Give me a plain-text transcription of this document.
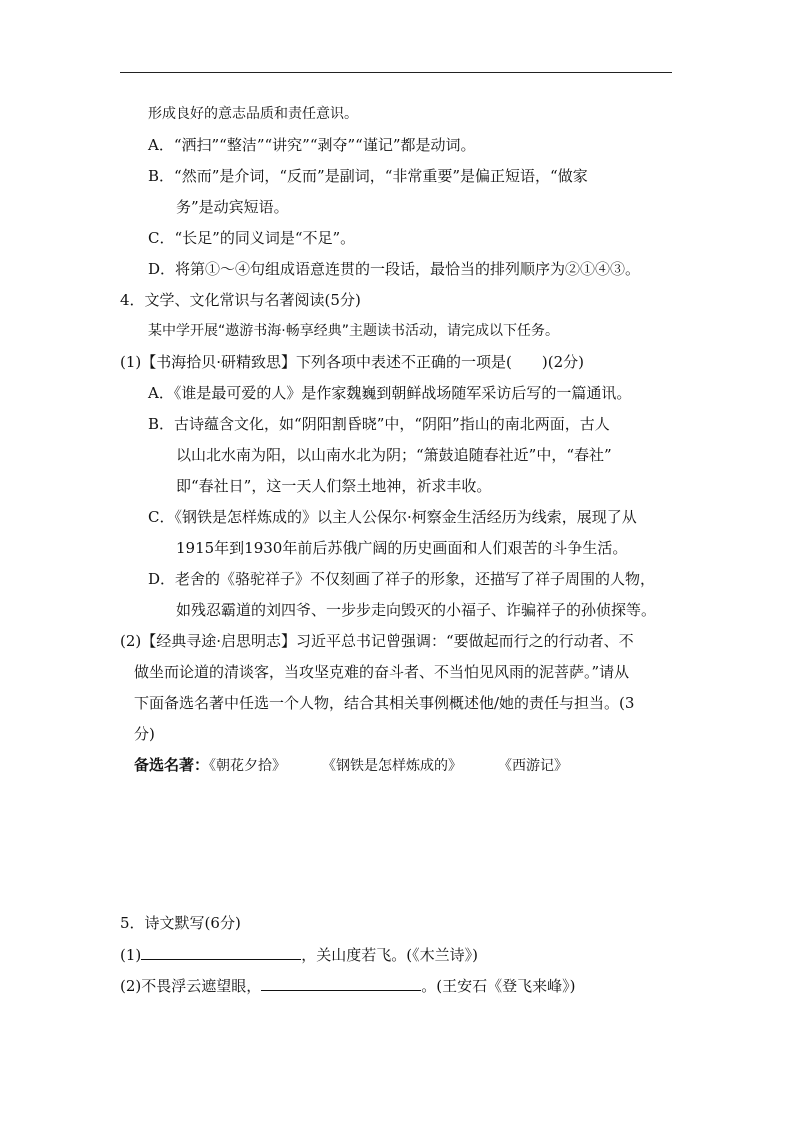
形成良好的意志品质和责任意识。
A．“洒扫”“整洁”“讲究”“剥夺”“谨记”都是动词。
B．“然而”是介词，“反而”是副词，“非常重要”是偏正短语，“做家
务”是动宾短语。
C．“长足”的同义词是“不足”。
D．将第①～④句组成语意连贯的一段话，最恰当的排列顺序为②①④③。
4．文学、文化常识与名著阅读(5分)
某中学开展“遨游书海·畅享经典”主题读书活动，请完成以下任务。
(1)【书海拾贝·研精致思】下列各项中表述不正确的一项是(　　)(2分)
A．《谁是最可爱的人》是作家魏巍到朝鲜战场随军采访后写的一篇通讯。
B．古诗蕴含文化，如“阴阳割昏晓”中，“阴阳”指山的南北两面，古人
以山北水南为阳，以山南水北为阴；“箫鼓追随春社近”中，“春社”
即“春社日”，这一天人们祭土地神，祈求丰收。
C．《钢铁是怎样炼成的》以主人公保尔·柯察金生活经历为线索，展现了从
1915年到1930年前后苏俄广阔的历史画面和人们艰苦的斗争生活。
D．老舍的《骆驼祥子》不仅刻画了祥子的形象，还描写了祥子周围的人物，
如残忍霸道的刘四爷、一步步走向毁灭的小福子、诈骗祥子的孙侦探等。
(2)【经典寻途·启思明志】习近平总书记曾强调：“要做起而行之的行动者、不
做坐而论道的清谈客，当攻坚克难的奋斗者、不当怕见风雨的泥菩萨。”请从
下面备选名著中任选一个人物，结合其相关事例概述他/她的责任与担当。(3
分)
备选名著：《朝花夕拾》	《钢铁是怎样炼成的》	《西游记》
5．诗文默写(6分)
(1)	，关山度若飞。(《木兰诗》)
(2)不畏浮云遮望眼，	。(王安石《登飞来峰》)
